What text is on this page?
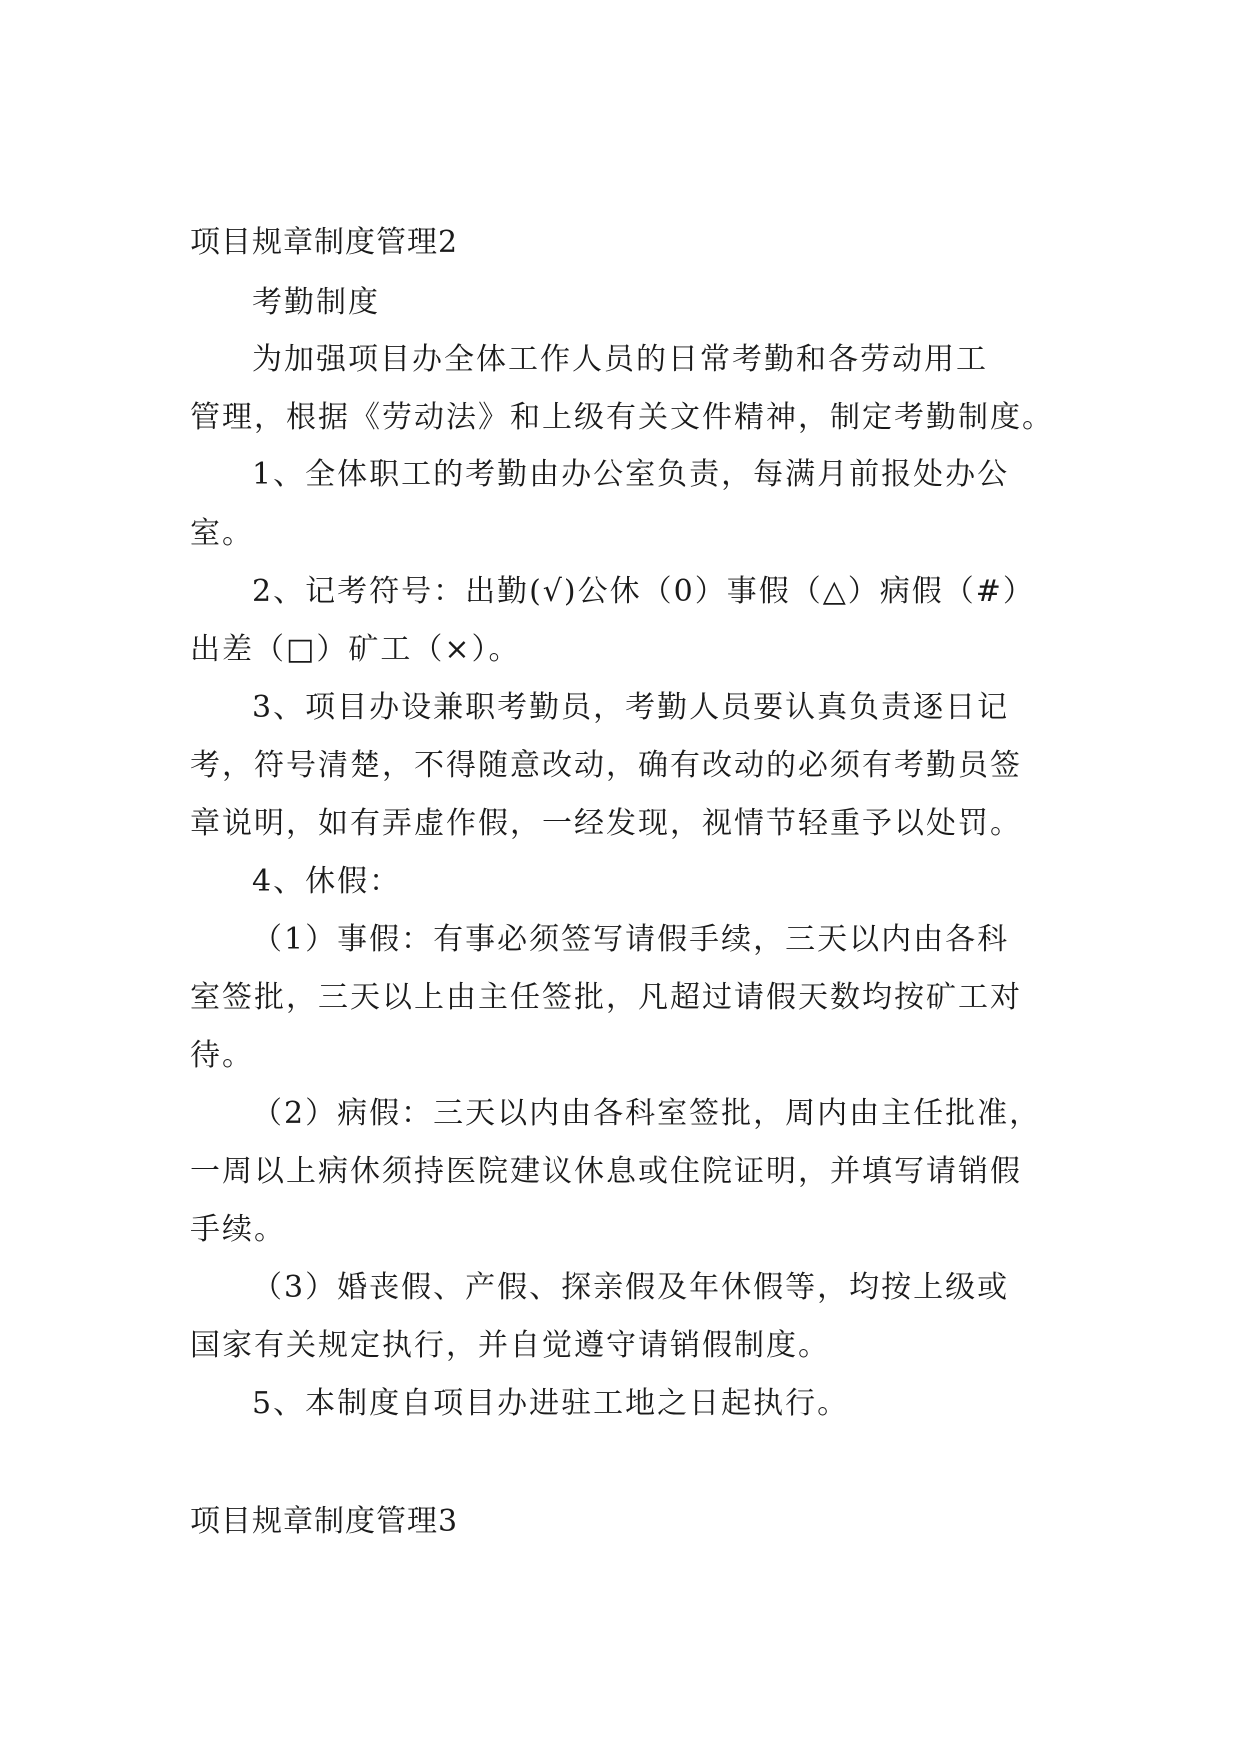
项目规章制度管理2
考勤制度
为加强项目办全体工作人员的日常考勤和各劳动用工
管理，根据《劳动法》和上级有关文件精神，制定考勤制度。
1、全体职工的考勤由办公室负责，每满月前报处办公
室。
2、记考符号：出勤(√)公休（0）事假（△）病假（#）
出差（□）矿工（×）。
3、项目办设兼职考勤员，考勤人员要认真负责逐日记
考，符号清楚，不得随意改动，确有改动的必须有考勤员签
章说明，如有弄虚作假，一经发现，视情节轻重予以处罚。
4、休假：
（1）事假：有事必须签写请假手续，三天以内由各科
室签批，三天以上由主任签批，凡超过请假天数均按矿工对
待。
（2）病假：三天以内由各科室签批，周内由主任批准，
一周以上病休须持医院建议休息或住院证明，并填写请销假
手续。
（3）婚丧假、产假、探亲假及年休假等，均按上级或
国家有关规定执行，并自觉遵守请销假制度。
5、本制度自项目办进驻工地之日起执行。
项目规章制度管理3
